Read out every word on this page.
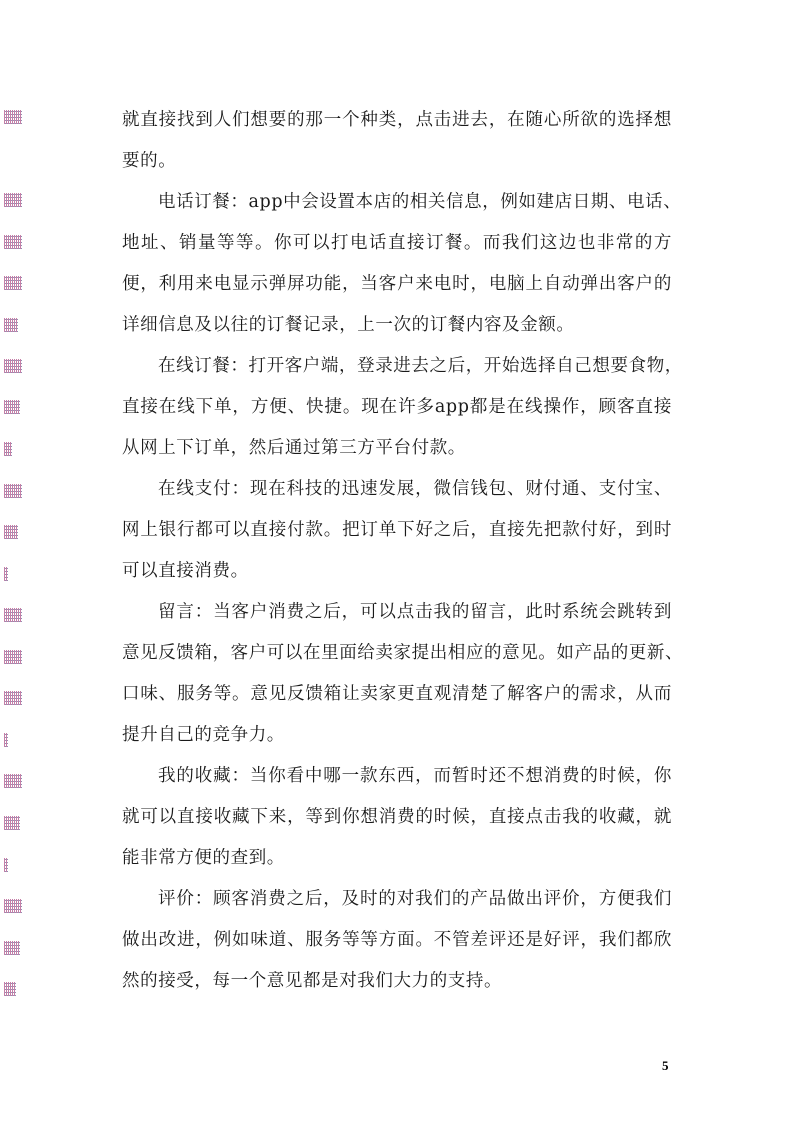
就直接找到人们想要的那一个种类，点击进去，在随心所欲的选择想
要的。
电话订餐：app中会设置本店的相关信息，例如建店日期、电话、
地址、销量等等。你可以打电话直接订餐。而我们这边也非常的方
便，利用来电显示弹屏功能，当客户来电时，电脑上自动弹出客户的
详细信息及以往的订餐记录，上一次的订餐内容及金额。
在线订餐：打开客户端，登录进去之后，开始选择自己想要食物，
直接在线下单，方便、快捷。现在许多app都是在线操作，顾客直接
从网上下订单，然后通过第三方平台付款。
在线支付：现在科技的迅速发展，微信钱包、财付通、支付宝、
网上银行都可以直接付款。把订单下好之后，直接先把款付好，到时
可以直接消费。
留言：当客户消费之后，可以点击我的留言，此时系统会跳转到
意见反馈箱，客户可以在里面给卖家提出相应的意见。如产品的更新、
口味、服务等。意见反馈箱让卖家更直观清楚了解客户的需求，从而
提升自己的竞争力。
我的收藏：当你看中哪一款东西，而暂时还不想消费的时候，你
就可以直接收藏下来，等到你想消费的时候，直接点击我的收藏，就
能非常方便的查到。
评价：顾客消费之后，及时的对我们的产品做出评价，方便我们
做出改进，例如味道、服务等等方面。不管差评还是好评，我们都欣
然的接受，每一个意见都是对我们大力的支持。
5
